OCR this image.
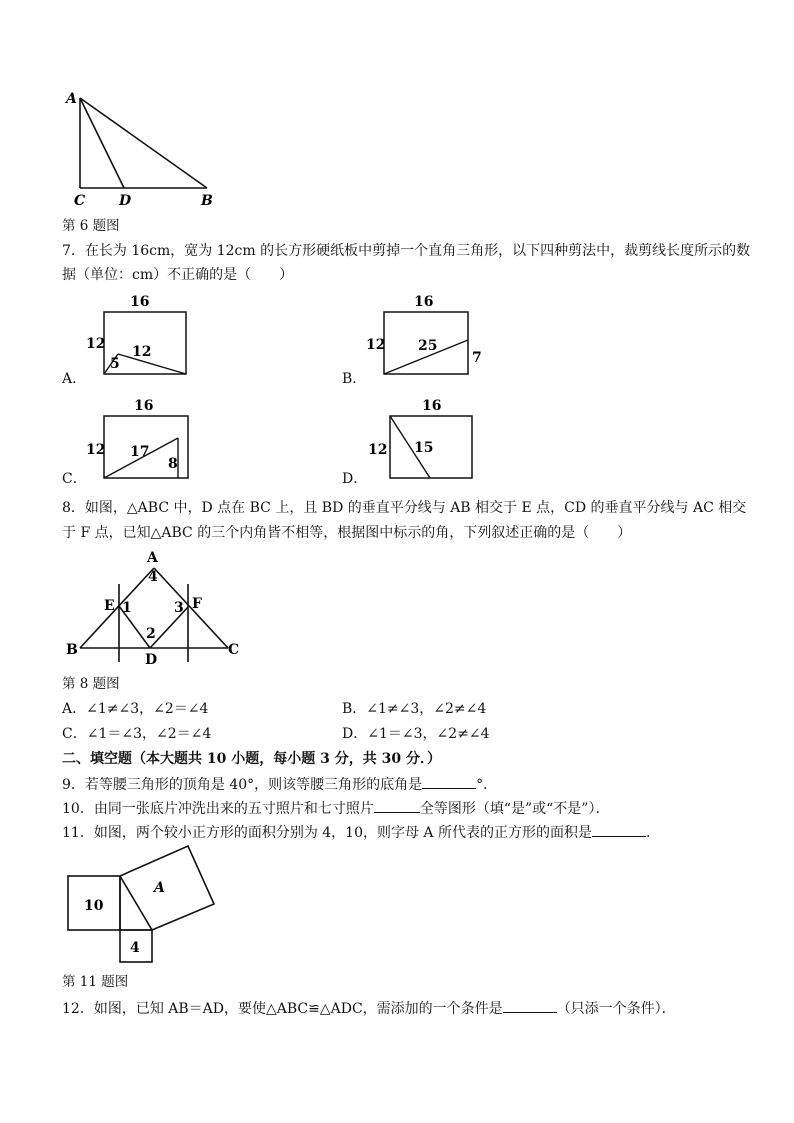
A
C D	B
第 6 题图
7．在长为 16cm，宽为 12cm 的长方形硬纸板中剪掉一个直角三角形，以下四种剪法中，裁剪线长度所示的数
据（单位：cm）不正确的是（　　）
A．
16
12
5
12
B．
16
12 25
7
C．
16
12 17
8
D．
16
12 15
8．如图，△ABC 中，D 点在 BC 上，且 BD 的垂直平分线与 AB 相交于 E 点，CD 的垂直平分线与 AC 相交
于 F 点，已知△ABC 的三个内角皆不相等，根据图中标示的角，下列叙述正确的是（　　）
A
4
E 1	3 F
2
B
D
C
第 8 题图
A．∠1≠∠3，∠2＝∠4	B．∠1≠∠3，∠2≠∠4
C．∠1＝∠3，∠2＝∠4	D．∠1＝∠3，∠2≠∠4
二、填空题（本大题共 10 小题，每小题 3 分，共 30 分．）
9．若等腰三角形的顶角是 40°，则该等腰三角形的底角是	°．
10．由同一张底片冲洗出来的五寸照片和七寸照片	全等图形（填“是”或“不是”）．
11．如图，两个较小正方形的面积分别为 4，10，则字母 A 所代表的正方形的面积是	．
10
4
A
第 11 题图
12．如图，已知 AB＝AD，要使△ABC≌△ADC，需添加的一个条件是	（只添一个条件）．
